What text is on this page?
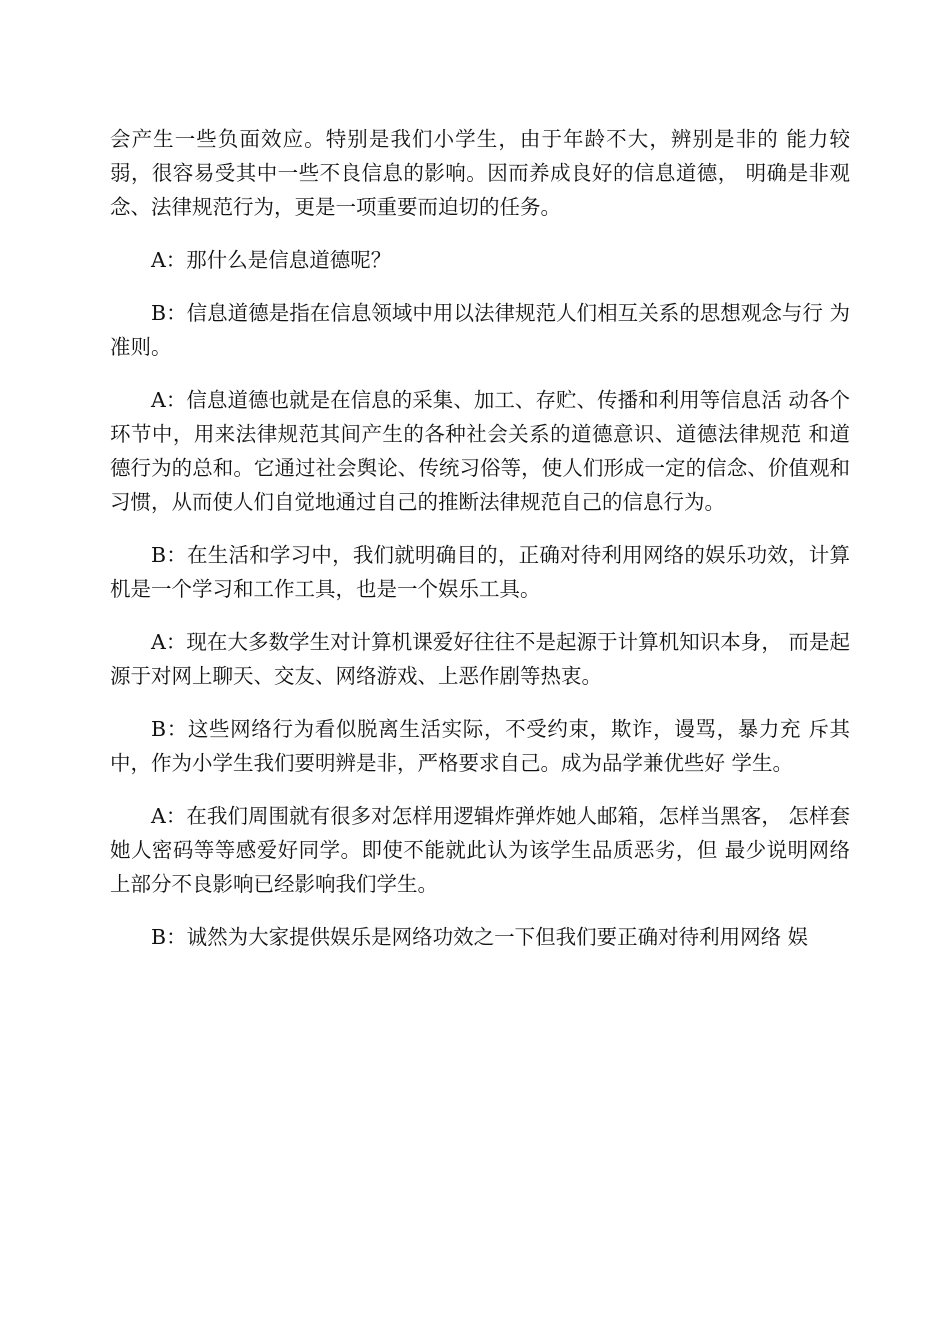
会产生一些负面效应。特别是我们小学生，由于年龄不大，辨别是非的 能力较弱，很容易受其中一些不良信息的影响。因而养成良好的信息道德， 明确是非观念、法律规范行为，更是一项重要而迫切的任务。

A：那什么是信息道德呢？

B：信息道德是指在信息领域中用以法律规范人们相互关系的思想观念与行 为准则。

A：信息道德也就是在信息的采集、加工、存贮、传播和利用等信息活 动各个环节中，用来法律规范其间产生的各种社会关系的道德意识、道德法律规范 和道德行为的总和。它通过社会舆论、传统习俗等，使人们形成一定的信念、价值观和习惯，从而使人们自觉地通过自己的推断法律规范自己的信息行为。

B：在生活和学习中，我们就明确目的，正确对待利用网络的娱乐功效，计算机是一个学习和工作工具，也是一个娱乐工具。

A：现在大多数学生对计算机课爱好往往不是起源于计算机知识本身， 而是起源于对网上聊天、交友、网络游戏、上恶作剧等热衷。

B：这些网络行为看似脱离生活实际，不受约束，欺诈，谩骂，暴力充 斥其中，作为小学生我们要明辨是非，严格要求自己。成为品学兼优些好 学生。

A：在我们周围就有很多对怎样用逻辑炸弹炸她人邮箱，怎样当黑客， 怎样套她人密码等等感爱好同学。即使不能就此认为该学生品质恶劣，但 最少说明网络上部分不良影响已经影响我们学生。

B：诚然为大家提供娱乐是网络功效之一下但我们要正确对待利用网络 娱
